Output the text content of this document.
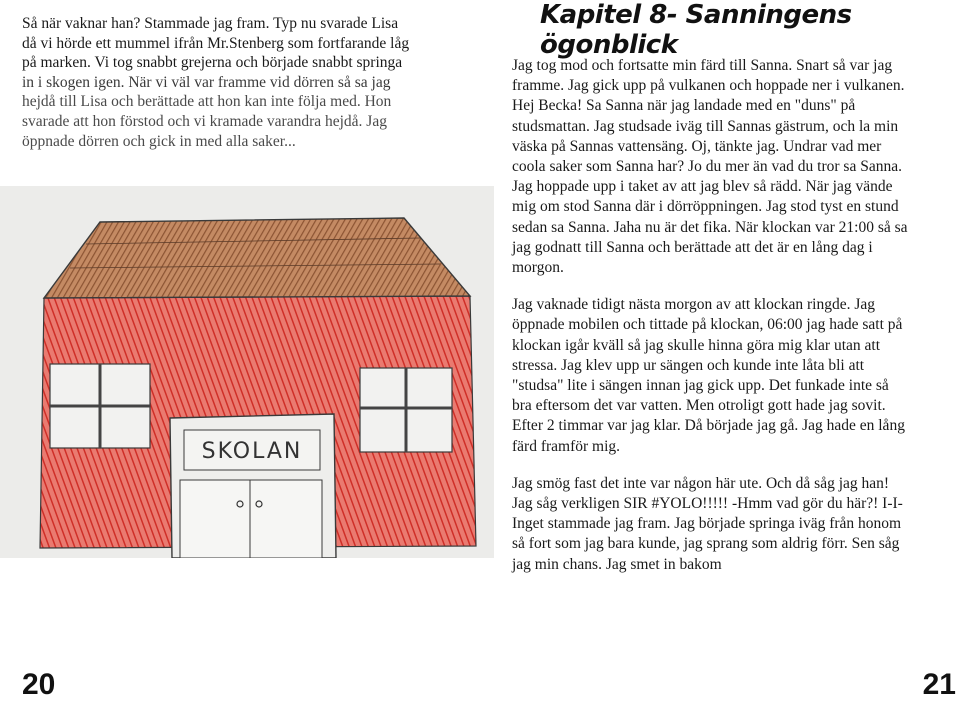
Så när vaknar han? Stammade jag fram. Typ nu svarade Lisa
då vi hörde ett mummel ifrån Mr.Stenberg som fortfarande låg
på marken. Vi tog snabbt grejerna och började snabbt springa
in i skogen igen. När vi väl var framme vid dörren så sa jag
hejdå till Lisa och berättade att hon kan inte följa med. Hon
svarade att hon förstod och vi kramade varandra hejdå. Jag
öppnade dörren och gick in med alla saker...
SKOLAN
20
Kapitel 8- Sanningens ögonblick

Jag tog mod och fortsatte min färd till Sanna. Snart så var jag
framme. Jag gick upp på vulkanen och hoppade ner i vulkanen.
Hej Becka! Sa Sanna när jag landade med en "duns" på
studsmattan. Jag studsade iväg till Sannas gästrum, och la min
väska på Sannas vattensäng. Oj, tänkte jag. Undrar vad mer
coola saker som Sanna har? Jo du mer än vad du tror sa Sanna.
Jag hoppade upp i taket av att jag blev så rädd. När jag vände
mig om stod Sanna där i dörröppningen. Jag stod tyst en stund
sedan sa Sanna. Jaha nu är det fika. När klockan var 21:00 så sa
jag godnatt till Sanna och berättade att det är en lång dag i
morgon.

Jag vaknade tidigt nästa morgon av att klockan ringde. Jag
öppnade mobilen och tittade på klockan, 06:00 jag hade satt på
klockan igår kväll så jag skulle hinna göra mig klar utan att
stressa. Jag klev upp ur sängen och kunde inte låta bli att
"studsa" lite i sängen innan jag gick upp. Det funkade inte så
bra eftersom det var vatten. Men otroligt gott hade jag sovit.
Efter 2 timmar var jag klar. Då började jag gå. Jag hade en lång
färd framför mig.

Jag smög fast det inte var någon här ute. Och då såg jag han!
Jag såg verkligen SIR #YOLO!!!!! -Hmm vad gör du här?! I-I-
Inget stammade jag fram. Jag började springa iväg från honom
så fort som jag bara kunde, jag sprang som aldrig förr. Sen såg
jag min chans. Jag smet in bakom

21
